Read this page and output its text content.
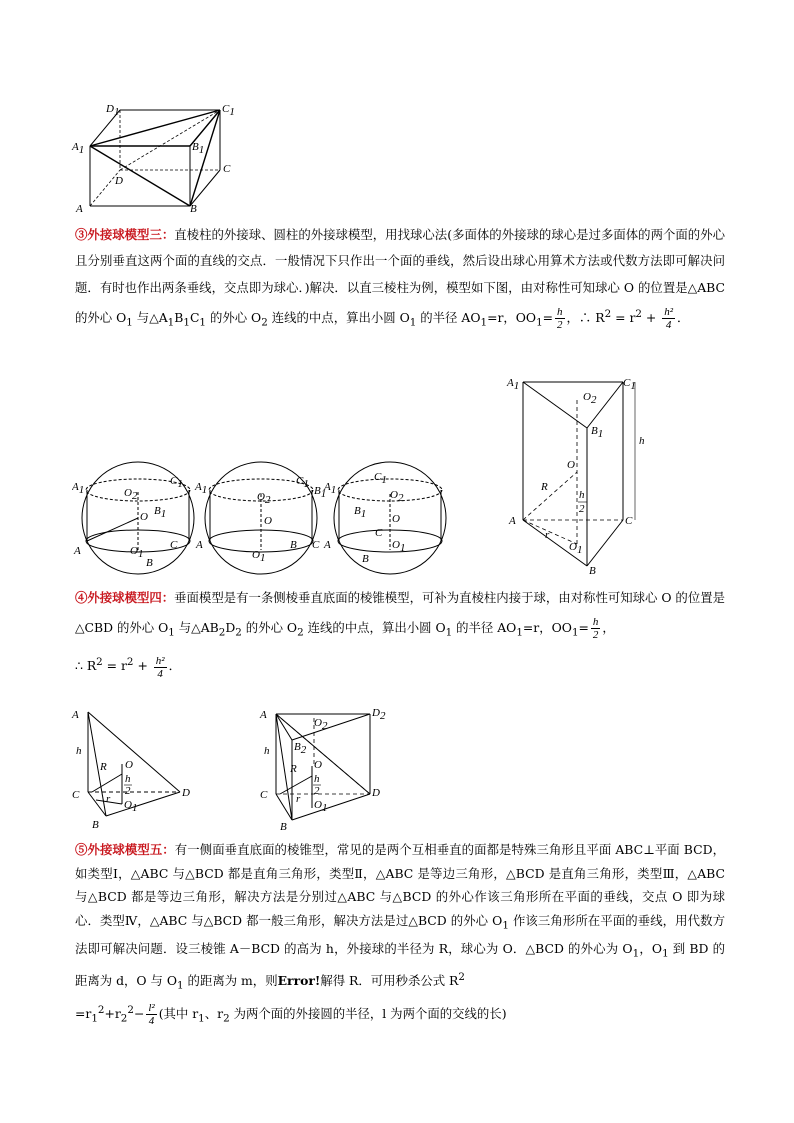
D1	C1
A1	B1
C
D
A	B
③外接球模型三：直棱柱的外接球、圆柱的外接球模型，用找球心法(多面体的外接球的球心是过多面体的两个面的外心且分别垂直这两个面的直线的交点．一般情况下只作出一个面的垂线，然后设出球心用算术方法或代数方法即可解决问题．有时也作出两条垂线，交点即为球心．)解决．以直三棱柱为例，模型如下图，由对称性可知球心 O 的位置是△ABC 的外心 $O_1$ 与$\triangle A_1B_1C_1$ 的外心 $O_2$ 连线的中点，算出小圆 $O_1$ 的半径 $AO_1=r$，$OO_1= \frac{h}{2}$ ，∴ $R^2 = r^2 + \frac{\text{h²}}{4}$ ．
A1
C1
O2
B1
O
A	C
O1
B
A1	B1
C1
O2
O
A	B C
O1
A1
C1
O2
B1 O
C
A	O1
B
A1	C1
O2
B1
h
O
R
h
2
A	C
r
O1
B
④外接球模型四：垂面模型是有一条侧棱垂直底面的棱锥模型，可补为直棱柱内接于球，由对称性可知球心 O 的位置是△CBD 的外心 $O_1$ 与$\triangle AB_2D_2$ 的外心 $O_2$ 连线的中点，算出小圆 $O_1$ 的半径 $AO_1=r$，$OO_1= \frac{h}{2}$ ，
∴ $R^2 = r^2 + \frac{\text{h²}}{4}$ ．
A
h
R O
h
2
C r O1
D
B
A	D2
O2
B2
h
O
R
h
2
C	r O1
D
B
⑤外接球模型五：有一侧面垂直底面的棱锥型，常见的是两个互相垂直的面都是特殊三角形且平面 ABC⊥平面 BCD，如类型Ⅰ，△ABC 与△BCD 都是直角三角形，类型Ⅱ，△ABC 是等边三角形，△BCD 是直角三角形，类型Ⅲ，△ABC 与△BCD 都是等边三角形，解决方法是分别过△ABC 与△BCD 的外心作该三角形所在平面的垂线，交点 O 即为球心．类型Ⅳ，△ABC 与△BCD 都一般三角形，解决方法是过△BCD 的外心 $O_1$ 作该三角形所在平面的垂线，用代数方法即可解决问题．设三棱锥 A－BCD 的高为 h，外接球的半径为 R，球心为 O．△BCD 的外心为 $O_1$，$O_1$ 到 BD 的距离为 d，O 与 $O_1$ 的距离为 m，则Error!解得 R．可用秒杀公式 $R^2$
$=r_1^2+r_2^2- \frac{\text{l²}}{4}$ (其中 $r_1$、$r_2$ 为两个面的外接圆的半径，l 为两个面的交线的长)
